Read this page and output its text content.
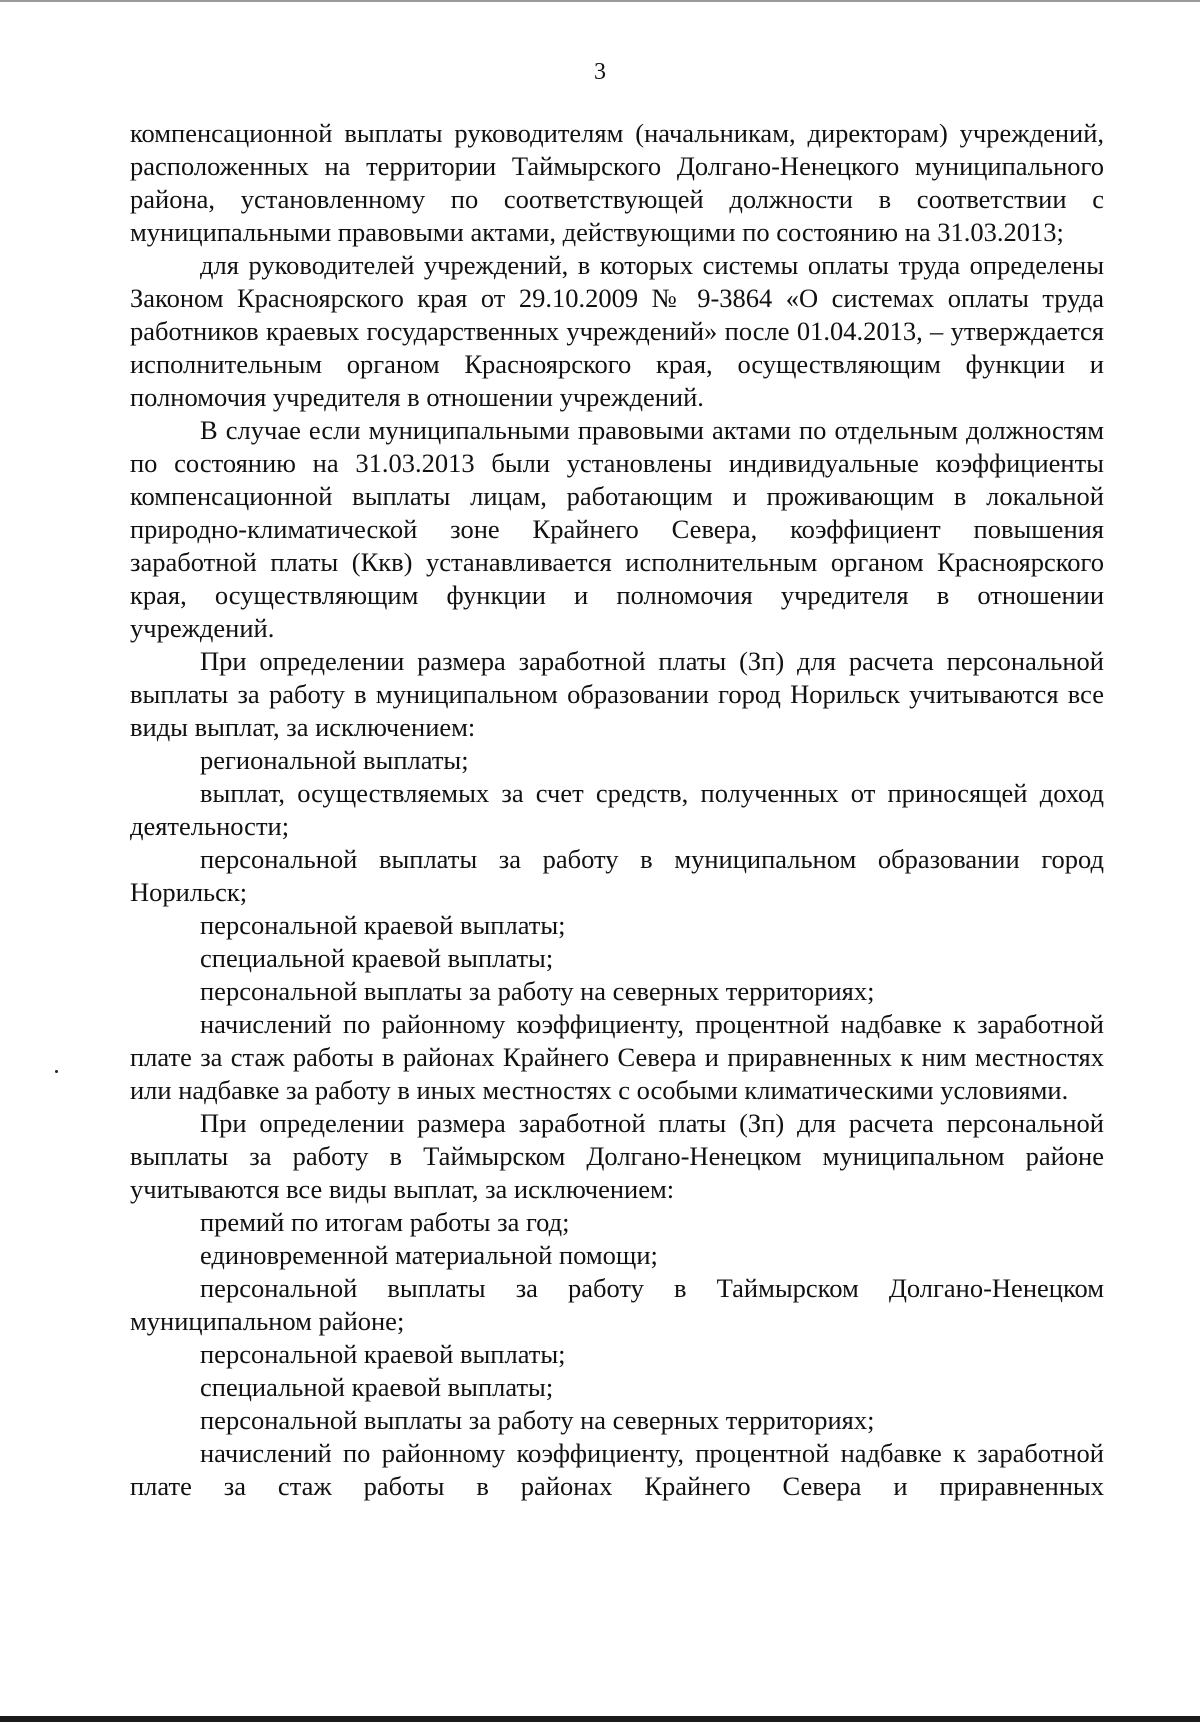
3

компенсационной выплаты руководителям (начальникам, директорам) учреждений, расположенных на территории Таймырского Долгано-Ненецкого муниципального района, установленному по соответствующей должности в соответствии с муниципальными правовыми актами, действующими по состоянию на 31.03.2013;

для руководителей учреждений, в которых системы оплаты труда определены Законом Красноярского края от 29.10.2009 № 9-3864 «О системах оплаты труда работников краевых государственных учреждений» после 01.04.2013, – утверждается исполнительным органом Красноярского края, осуществляющим функции и полномочия учредителя в отношении учреждений.

В случае если муниципальными правовыми актами по отдельным должностям по состоянию на 31.03.2013 были установлены индивидуальные коэффициенты компенсационной выплаты лицам, работающим и проживающим в локальной природно-климатической зоне Крайнего Севера, коэффициент повышения заработной платы (Ккв) устанавливается исполнительным органом Красноярского края, осуществляющим функции и полномочия учредителя в отношении учреждений.

При определении размера заработной платы (Зп) для расчета персональной выплаты за работу в муниципальном образовании город Норильск учитываются все виды выплат, за исключением:

региональной выплаты;

выплат, осуществляемых за счет средств, полученных от приносящей доход деятельности;

персональной выплаты за работу в муниципальном образовании город Норильск;

персональной краевой выплаты;

специальной краевой выплаты;

персональной выплаты за работу на северных территориях;

начислений по районному коэффициенту, процентной надбавке к заработной плате за стаж работы в районах Крайнего Севера и приравненных к ним местностях или надбавке за работу в иных местностях с особыми климатическими условиями.

При определении размера заработной платы (Зп) для расчета персональной выплаты за работу в Таймырском Долгано-Ненецком муниципальном районе учитываются все виды выплат, за исключением:

премий по итогам работы за год;

единовременной материальной помощи;

персональной выплаты за работу в Таймырском Долгано-Ненецком муниципальном районе;

персональной краевой выплаты;

специальной краевой выплаты;

персональной выплаты за работу на северных территориях;

начислений по районному коэффициенту, процентной надбавке к заработной плате за стаж работы в районах Крайнего Севера и приравненных
